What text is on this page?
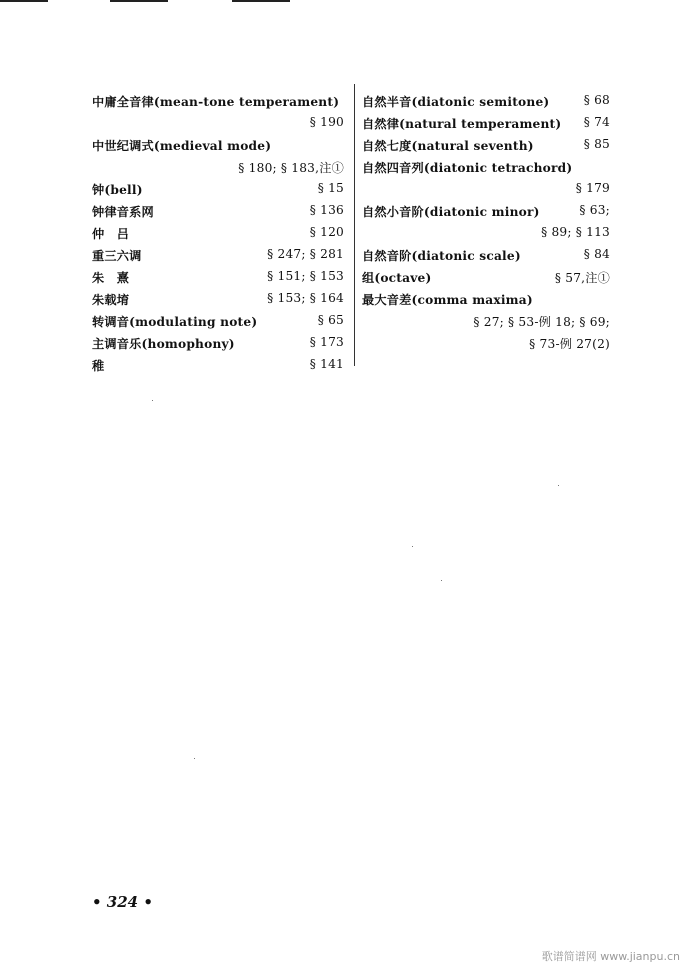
中庸全音律(mean-tone temperament)
§ 190
中世纪调式(medieval mode)
§ 180; § 183,注①
钟(bell)	§ 15
钟律音系网	§ 136
仲　吕	§ 120
重三六调	§ 247; § 281
朱　熹	§ 151; § 153
朱载堉	§ 153; § 164
转调音(modulating note)	§ 65
主调音乐(homophony)	§ 173
稚	§ 141
自然半音(diatonic semitone)	§ 68
自然律(natural temperament) § 74
自然七度(natural seventh)	§ 85
自然四音列(diatonic tetrachord)
§ 179
自然小音阶(diatonic minor)	§ 63;
§ 89; § 113
自然音阶(diatonic scale)	§ 84
组(octave)	§ 57,注①
最大音差(comma maxima)
§ 27; § 53-例 18; § 69;
§ 73-例 27(2)
• 324 •
歌谱简谱网 www.jianpu.cn
